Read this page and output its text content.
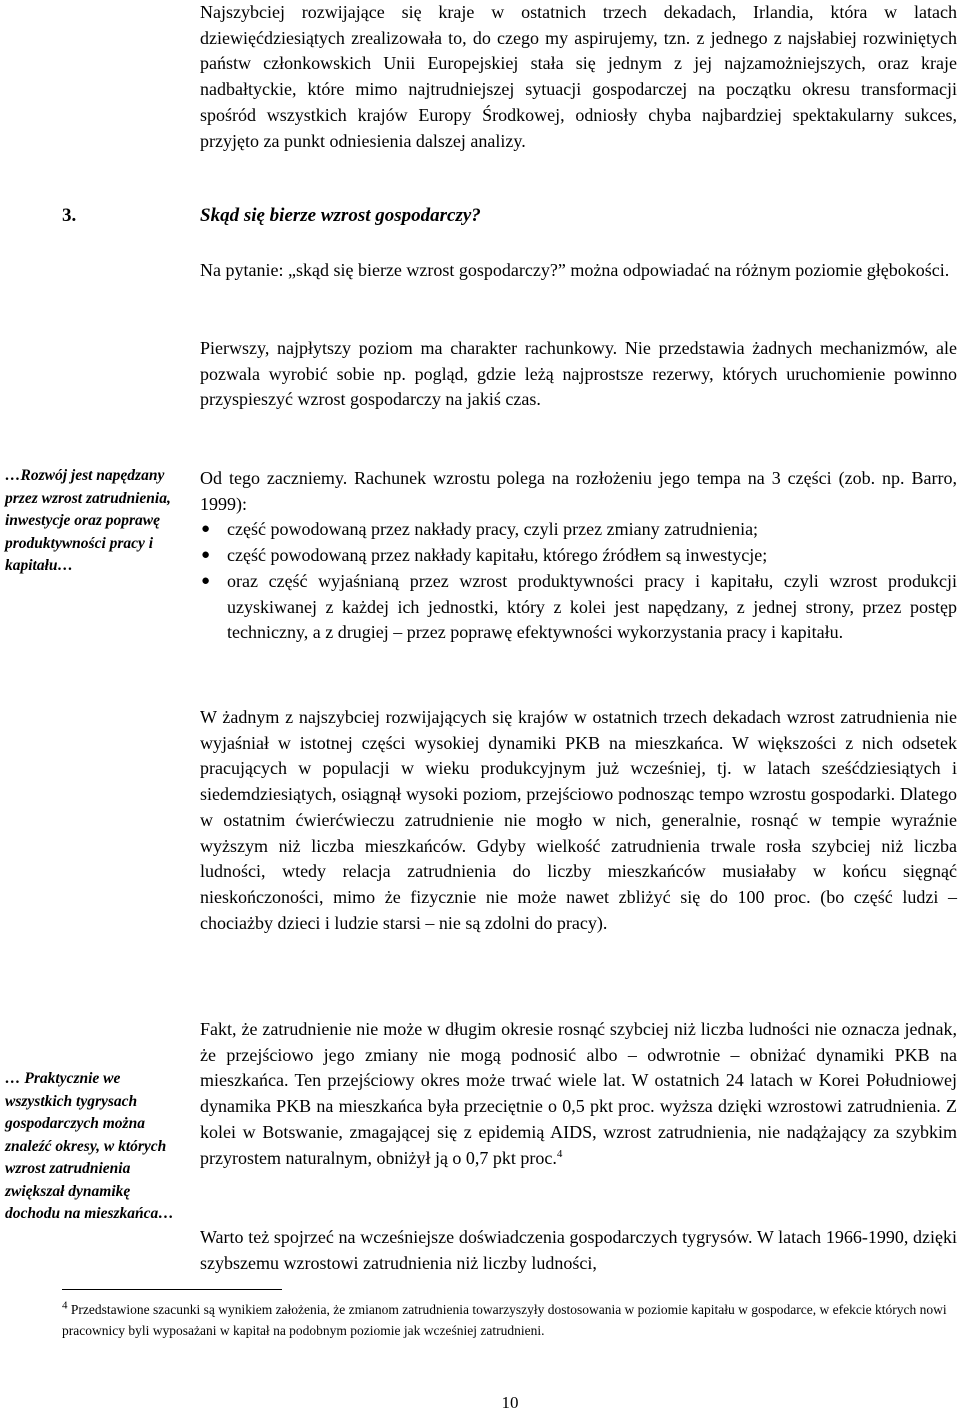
Najszybciej rozwijające się kraje w ostatnich trzech dekadach, Irlandia, która w latach dziewięćdziesiątych zrealizowała to, do czego my aspirujemy, tzn. z jednego z najsłabiej rozwiniętych państw członkowskich Unii Europejskiej stała się jednym z jej najzamożniejszych, oraz kraje nadbałtyckie, które mimo najtrudniejszej sytuacji gospodarczej na początku okresu transformacji spośród wszystkich krajów Europy Środkowej, odniosły chyba najbardziej spektakularny sukces, przyjęto za punkt odniesienia dalszej analizy.

3.	Skąd się bierze wzrost gospodarczy?

Na pytanie: „skąd się bierze wzrost gospodarczy?” można odpowiadać na różnym poziomie głębokości.

Pierwszy, najpłytszy poziom ma charakter rachunkowy. Nie przedstawia żadnych mechanizmów, ale pozwala wyrobić sobie np. pogląd, gdzie leżą najprostsze rezerwy, których uruchomienie powinno przyspieszyć wzrost gospodarczy na jakiś czas.

Od tego zaczniemy. Rachunek wzrostu polega na rozłożeniu jego tempa na 3 części (zob. np. Barro, 1999):

● część powodowaną przez nakłady pracy, czyli przez zmiany zatrudnienia;
● część powodowaną przez nakłady kapitału, którego źródłem są inwestycje;
● oraz część wyjaśnianą przez wzrost produktywności pracy i kapitału, czyli wzrost produkcji uzyskiwanej z każdej ich jednostki, który z kolei jest napędzany, z jednej strony, przez postęp techniczny, a z drugiej – przez poprawę efektywności wykorzystania pracy i kapitału.

W żadnym z najszybciej rozwijających się krajów w ostatnich trzech dekadach wzrost zatrudnienia nie wyjaśniał w istotnej części wysokiej dynamiki PKB na mieszkańca. W większości z nich odsetek pracujących w populacji w wieku produkcyjnym już wcześniej, tj. w latach sześćdziesiątych i siedemdziesiątych, osiągnął wysoki poziom, przejściowo podnosząc tempo wzrostu gospodarki. Dlatego w ostatnim ćwierćwieczu zatrudnienie nie mogło w nich, generalnie, rosnąć w tempie wyraźnie wyższym niż liczba mieszkańców. Gdyby wielkość zatrudnienia trwale rosła szybciej niż liczba ludności, wtedy relacja zatrudnienia do liczby mieszkańców musiałaby w końcu sięgnąć nieskończoności, mimo że fizycznie nie może nawet zbliżyć się do 100 proc. (bo część ludzi – chociażby dzieci i ludzie starsi – nie są zdolni do pracy).

Fakt, że zatrudnienie nie może w długim okresie rosnąć szybciej niż liczba ludności nie oznacza jednak, że przejściowo jego zmiany nie mogą podnosić albo – odwrotnie – obniżać dynamiki PKB na mieszkańca. Ten przejściowy okres może trwać wiele lat. W ostatnich 24 latach w Korei Południowej dynamika PKB na mieszkańca była przeciętnie o 0,5 pkt proc. wyższa dzięki wzrostowi zatrudnienia. Z kolei w Botswanie, zmagającej się z epidemią AIDS, wzrost zatrudnienia, nie nadążający za szybkim przyrostem naturalnym, obniżył ją o 0,7 pkt proc.$^4$

Warto też spojrzeć na wcześniejsze doświadczenia gospodarczych tygrysów. W latach 1966-1990, dzięki szybszemu wzrostowi zatrudnienia niż liczby ludności,

…Rozwój jest napędzany przez wzrost zatrudnienia, inwestycje oraz poprawę produktywności pracy i kapitału…
… Praktycznie we wszystkich tygrysach gospodarczych można znaleźć okresy, w których wzrost zatrudnienia zwiększał dynamikę dochodu na mieszkańca…
$^4$ Przedstawione szacunki są wynikiem założenia, że zmianom zatrudnienia towarzyszyły dostosowania w poziomie kapitału w gospodarce, w efekcie których nowi pracownicy byli wyposażani w kapitał na podobnym poziomie jak wcześniej zatrudnieni.
10
